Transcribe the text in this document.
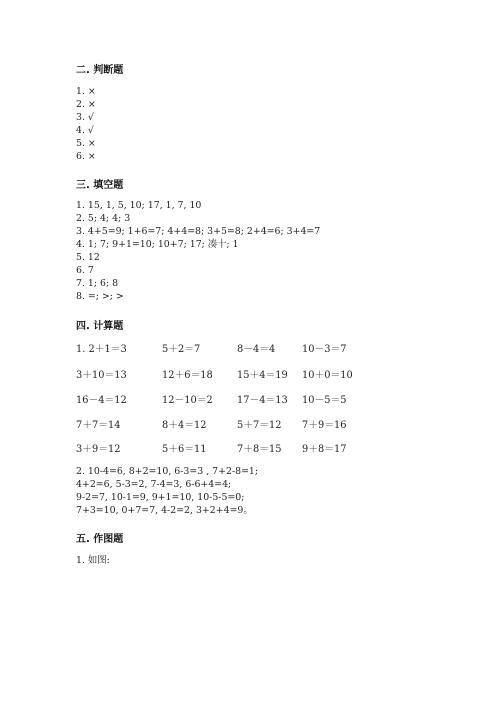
二. 判断题
1. ×
2. ×
3. √
4. √
5. ×
6. ×
三. 填空题
1. 15, 1, 5, 10; 17, 1, 7, 10
2. 5; 4; 4; 3
3. 4+5=9; 1+6=7; 4+4=8; 3+5=8; 2+4=6; 3+4=7
4. 1; 7; 9+1=10; 10+7; 17; 凑十; 1
5. 12
6. 7
7. 1; 6; 8
8. =; >; >
四. 计算题
1. 2＋1＝3	5＋2＝7	8－4＝4	10－3＝7
3＋10＝13	12＋6＝18 15＋4＝19 10＋0＝10
16－4＝12	12－10＝2 17－4＝13 10－5＝5
7＋7＝14	8＋4＝12	5＋7＝12 7＋9＝16
3＋9＝12	5＋6＝11	7＋8＝15 9＋8＝17
2. 10-4=6, 8+2=10, 6-3=3 , 7+2-8=1;
4+2=6, 5-3=2, 7-4=3, 6-6+4=4;
9-2=7, 10-1=9, 9+1=10, 10-5-5=0;
7+3=10, 0+7=7, 4-2=2, 3+2+4=9。
五. 作图题
1. 如图:
